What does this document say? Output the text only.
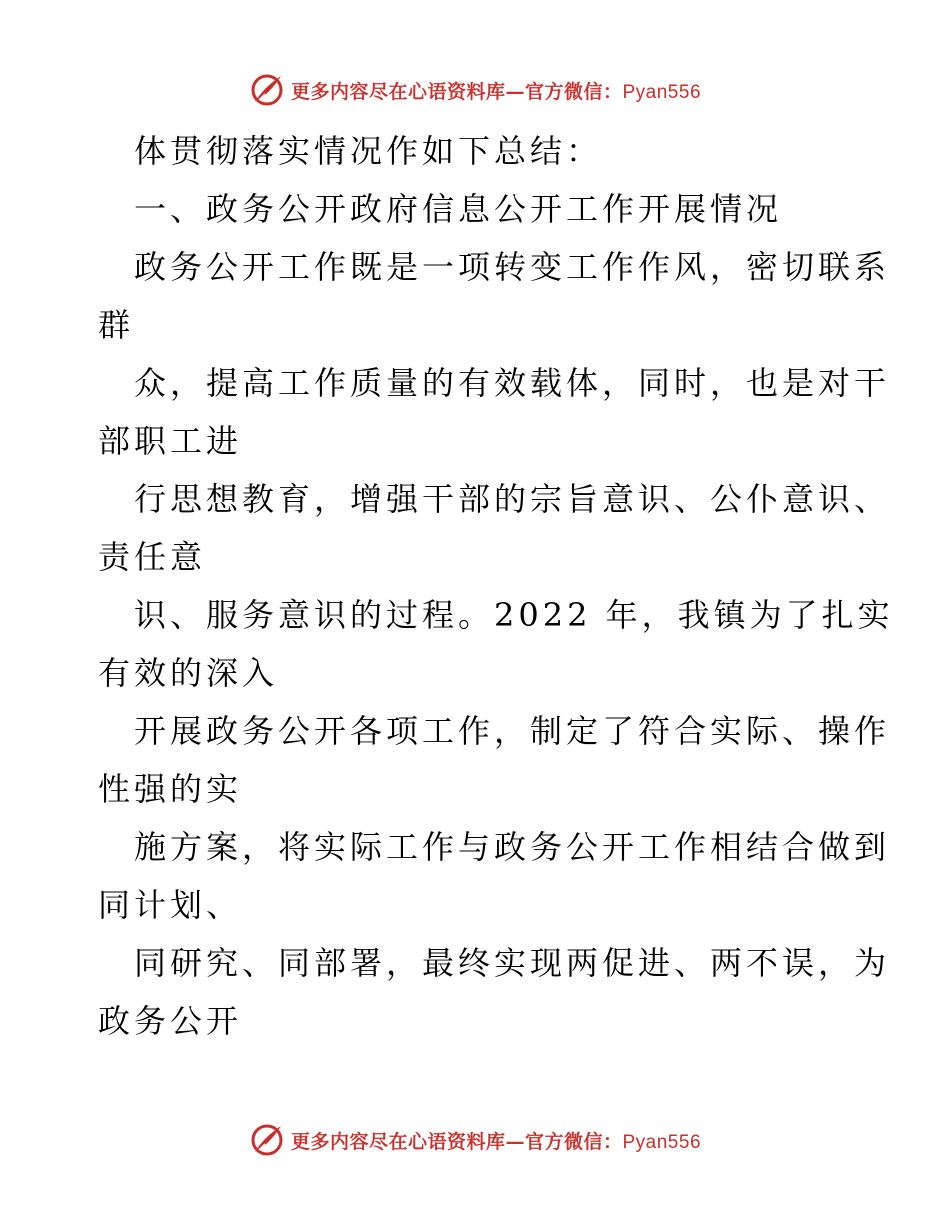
更多内容尽在心语资料库—官方微信：Pyan556
体贯彻落实情况作如下总结：
一、政务公开政府信息公开工作开展情况
政务公开工作既是一项转变工作作风，密切联系
群
众，提高工作质量的有效载体，同时，也是对干
部职工进
行思想教育，增强干部的宗旨意识、公仆意识、
责任意
识、服务意识的过程。2022 年，我镇为了扎实
有效的深入
开展政务公开各项工作，制定了符合实际、操作
性强的实
施方案，将实际工作与政务公开工作相结合做到
同计划、
同研究、同部署，最终实现两促进、两不误，为
政务公开
更多内容尽在心语资料库—官方微信：Pyan556
